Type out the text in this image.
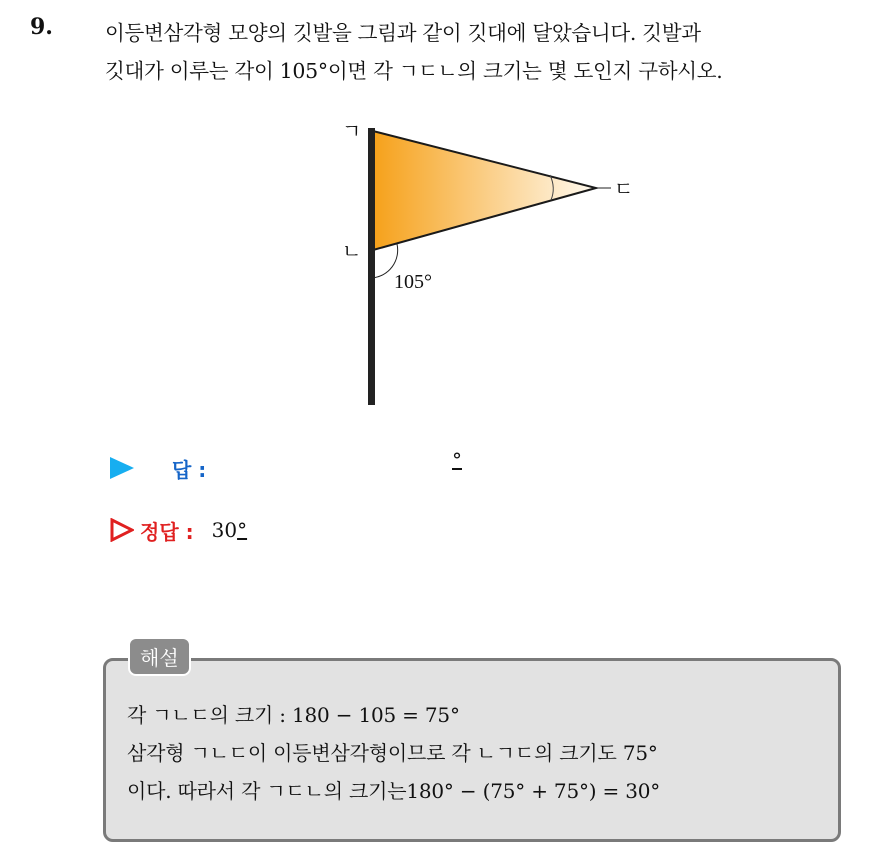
9.	이등변삼각형 모양의 깃발을 그림과 같이 깃대에 달았습니다. 깃발과
깃대가 이루는 각이 105°이면 각 ㄱㄷㄴ의 크기는 몇 도인지 구하시오.
ㄱ
ㄴ
ㄷ
105°
답 :	°
정답 : 30°
해설
각 ㄱㄴㄷ의 크기 : 180 − 105 = 75°
삼각형 ㄱㄴㄷ이 이등변삼각형이므로 각 ㄴㄱㄷ의 크기도 75°
이다. 따라서 각 ㄱㄷㄴ의 크기는180° − (75° + 75°) = 30°
